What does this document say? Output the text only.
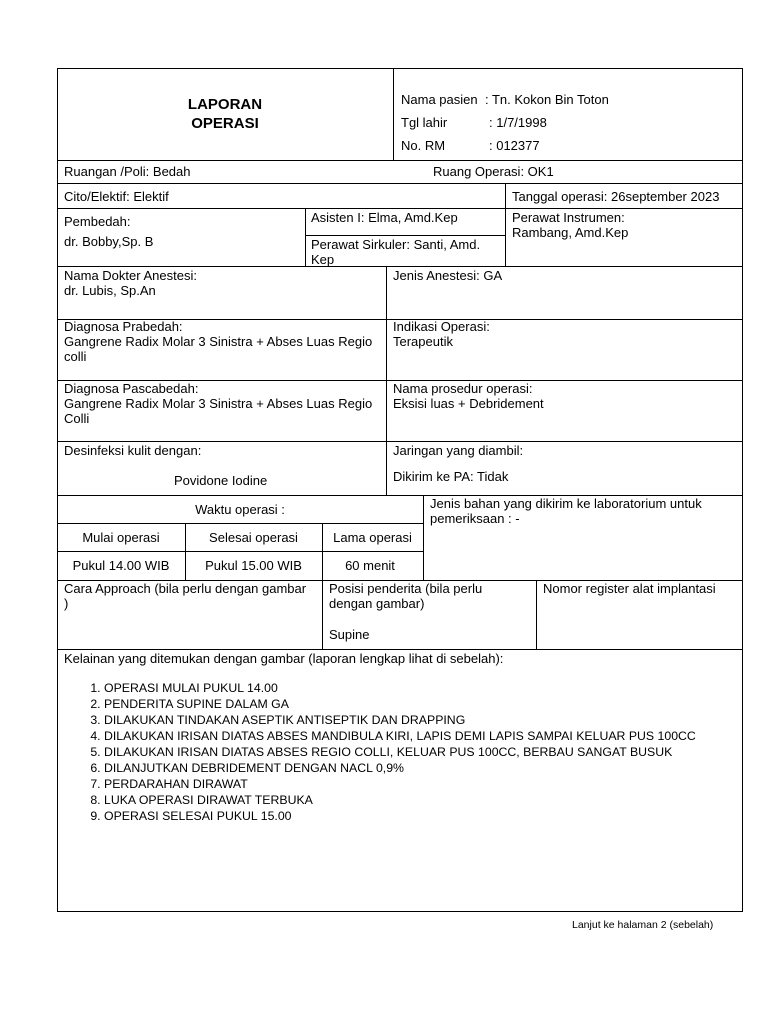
LAPORAN
OPERASI
Nama pasien : Tn. Kokon Bin Toton
Tgl lahir	: 1/7/1998
No. RM	: 012377
Ruangan /Poli: Bedah	Ruang Operasi: OK1
Cito/Elektif: Elektif	Tanggal operasi: 26september 2023
Pembedah:
dr. Bobby,Sp. B
Asisten I: Elma, Amd.Kep
Perawat Sirkuler: Santi, Amd. Kep
Perawat Instrumen:
Rambang, Amd.Kep
Nama Dokter Anestesi:
dr. Lubis, Sp.An
Jenis Anestesi: GA
Diagnosa Prabedah:
Gangrene Radix Molar 3 Sinistra + Abses Luas Regio colli
Indikasi Operasi:
Terapeutik
Diagnosa Pascabedah:
Gangrene Radix Molar 3 Sinistra + Abses Luas Regio Colli
Nama prosedur operasi:
Eksisi luas + Debridement
Desinfeksi kulit dengan:
Povidone Iodine
Jaringan yang diambil:
Dikirim ke PA: Tidak
Waktu operasi :
Mulai operasi	Selesai operasi	Lama operasi
Pukul 14.00 WIB	Pukul 15.00 WIB	60 menit
Jenis bahan yang dikirim ke laboratorium untuk pemeriksaan : -
Cara Approach (bila perlu dengan gambar )
Posisi penderita (bila perlu dengan gambar)
Supine
Nomor register alat implantasi
Kelainan yang ditemukan dengan gambar (laporan lengkap lihat di sebelah):
1. OPERASI MULAI PUKUL 14.00
2. PENDERITA SUPINE DALAM GA
3. DILAKUKAN TINDAKAN ASEPTIK ANTISEPTIK DAN DRAPPING
4. DILAKUKAN IRISAN DIATAS ABSES MANDIBULA KIRI, LAPIS DEMI LAPIS SAMPAI KELUAR PUS 100CC
5. DILAKUKAN IRISAN DIATAS ABSES REGIO COLLI, KELUAR PUS 100CC, BERBAU SANGAT BUSUK
6. DILANJUTKAN DEBRIDEMENT DENGAN NACL 0,9%
7. PERDARAHAN DIRAWAT
8. LUKA OPERASI DIRAWAT TERBUKA
9. OPERASI SELESAI PUKUL 15.00
Lanjut ke halaman 2 (sebelah)
